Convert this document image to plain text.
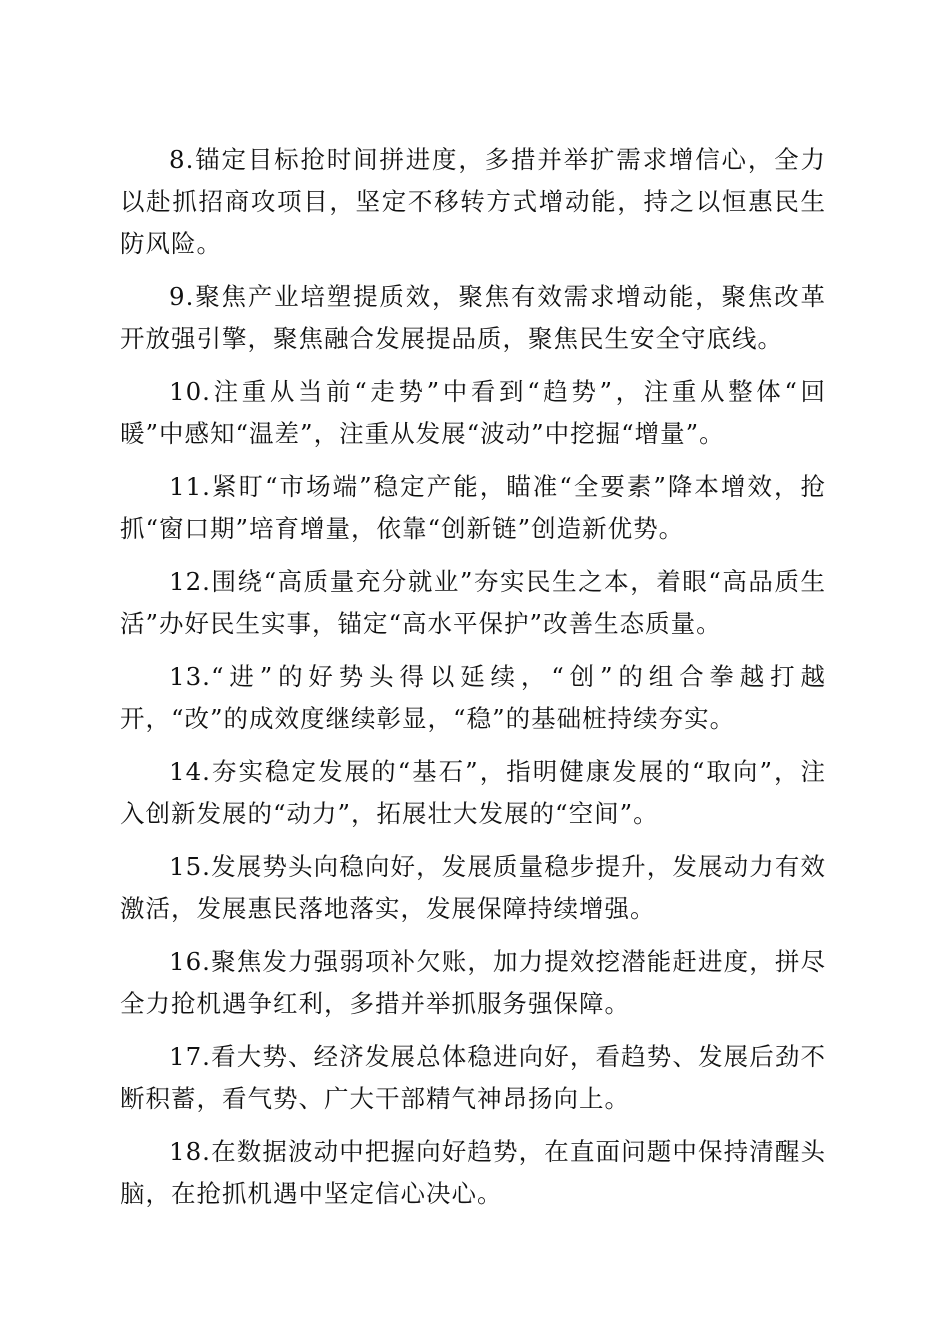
8.锚定目标抢时间拼进度，多措并举扩需求增信心，全力以赴抓招商攻项目，坚定不移转方式增动能，持之以恒惠民生防风险。

9.聚焦产业培塑提质效，聚焦有效需求增动能，聚焦改革开放强引擎，聚焦融合发展提品质，聚焦民生安全守底线。

10.注重从当前“走势”中看到“趋势”，注重从整体“回暖”中感知“温差”，注重从发展“波动”中挖掘“增量”。

11.紧盯“市场端”稳定产能，瞄准“全要素”降本增效，抢抓“窗口期”培育增量，依靠“创新链”创造新优势。

12.围绕“高质量充分就业”夯实民生之本，着眼“高品质生活”办好民生实事，锚定“高水平保护”改善生态质量。

13.“进”的好势头得以延续，“创”的组合拳越打越开，“改”的成效度继续彰显，“稳”的基础桩持续夯实。

14.夯实稳定发展的“基石”，指明健康发展的“取向”，注入创新发展的“动力”，拓展壮大发展的“空间”。

15.发展势头向稳向好，发展质量稳步提升，发展动力有效激活，发展惠民落地落实，发展保障持续增强。

16.聚焦发力强弱项补欠账，加力提效挖潜能赶进度，拼尽全力抢机遇争红利，多措并举抓服务强保障。

17.看大势、经济发展总体稳进向好，看趋势、发展后劲不断积蓄，看气势、广大干部精气神昂扬向上。

18.在数据波动中把握向好趋势，在直面问题中保持清醒头脑，在抢抓机遇中坚定信心决心。
